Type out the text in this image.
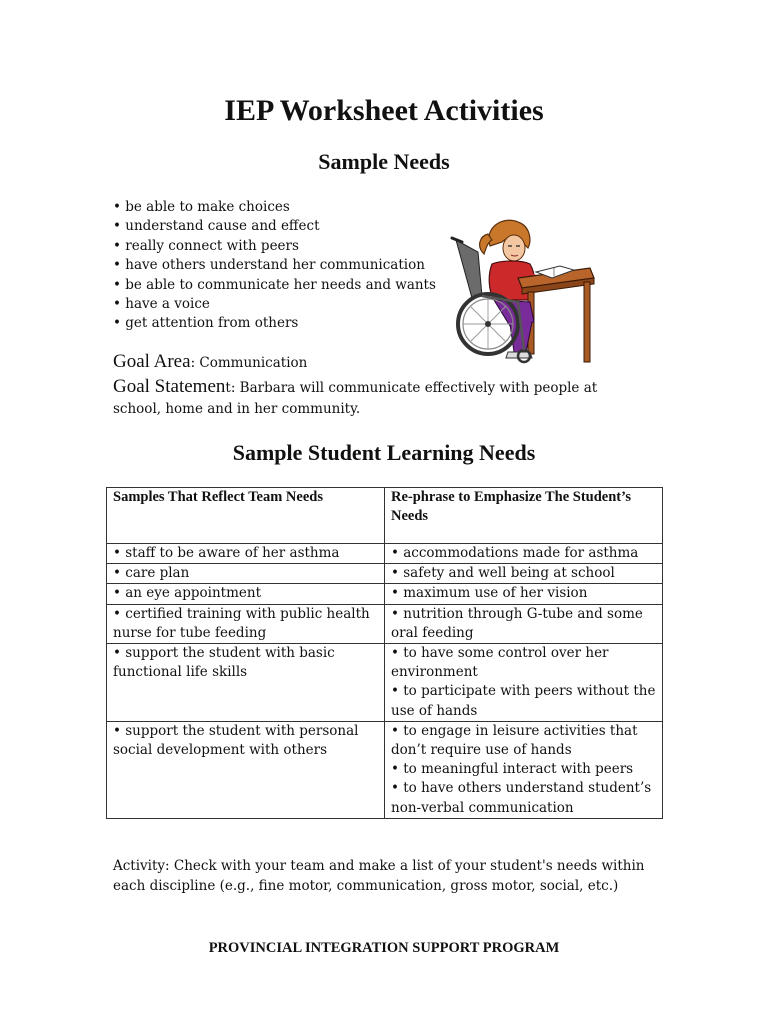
IEP Worksheet Activities
Sample Needs
• be able to make choices
• understand cause and effect
• really connect with peers
• have others understand her communication
• be able to communicate her needs and wants
• have a voice
• get attention from others
Goal Area: Communication
Goal Statement: Barbara will communicate effectively with people at school, home and in her community.
Sample Student Learning Needs
Samples That Reflect Team Needs	Re-phrase to Emphasize The Student’s Needs

• staff to be aware of her asthma	• accommodations made for asthma

• care plan	• safety and well being at school

• an eye appointment	• maximum use of her vision

• certified training with public health nurse for tube feeding	• nutrition through G-tube and some oral feeding

• support the student with basic functional life skills	• to have some control over her environment
• to participate with peers without the use of hands

• support the student with personal social development with others	• to engage in leisure activities that don’t require use of hands
• to meaningful interact with peers
• to have others understand student’s non-verbal communication
Activity: Check with your team and make a list of your student's needs within each discipline (e.g., fine motor, communication, gross motor, social, etc.)
PROVINCIAL INTEGRATION SUPPORT PROGRAM
